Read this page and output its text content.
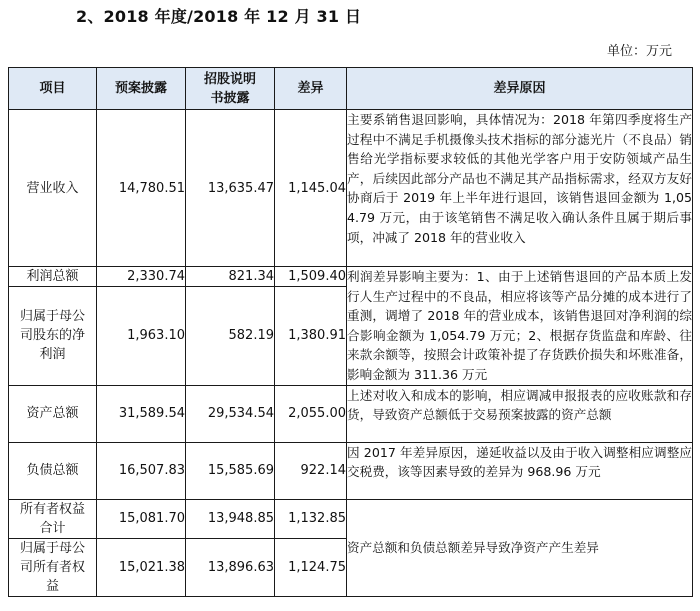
2、2018 年度/2018 年 12 月 31 日
单位：万元
项目	预案披露	招股说明书披露	差异	差异原因
营业收入	14,780.51	13,635.47	1,145.04	主要系销售退回影响，具体情况为：2018 年第四季度将生产过程中不满足手机摄像头技术指标的部分滤光片（不良品）销售给光学指标要求较低的其他光学客户用于安防领域产品生产，后续因此部分产品也不满足其产品指标需求，经双方友好协商后于 2019 年上半年进行退回，该销售退回金额为 1,054.79 万元，由于该笔销售不满足收入确认条件且属于期后事项，冲减了 2018 年的营业收入
利润总额	2,330.74	821.34	1,509.40	利润差异影响主要为：1、由于上述销售退回的产品本质上发行人生产过程中的不良品，相应将该等产品分摊的成本进行了重测，调增了 2018 年的营业成本，该销售退回对净利润的综合影响金额为 1,054.79 万元；2、根据存货监盘和库龄、往来款余额等，按照会计政策补提了存货跌价损失和坏账准备，影响金额为 311.36 万元
归属于母公司股东的净利润	1,963.10	582.19	1,380.91	
资产总额	31,589.54	29,534.54	2,055.00	上述对收入和成本的影响，相应调减申报报表的应收账款和存货，导致资产总额低于交易预案披露的资产总额
负债总额	16,507.83	15,585.69	922.14	因 2017 年差异原因，递延收益以及由于收入调整相应调整应交税费，该等因素导致的差异为 968.96 万元
所有者权益合计	15,081.70	13,948.85	1,132.85	资产总额和负债总额差异导致净资产产生差异
归属于母公司所有者权益	15,021.38	13,896.63	1,124.75	
